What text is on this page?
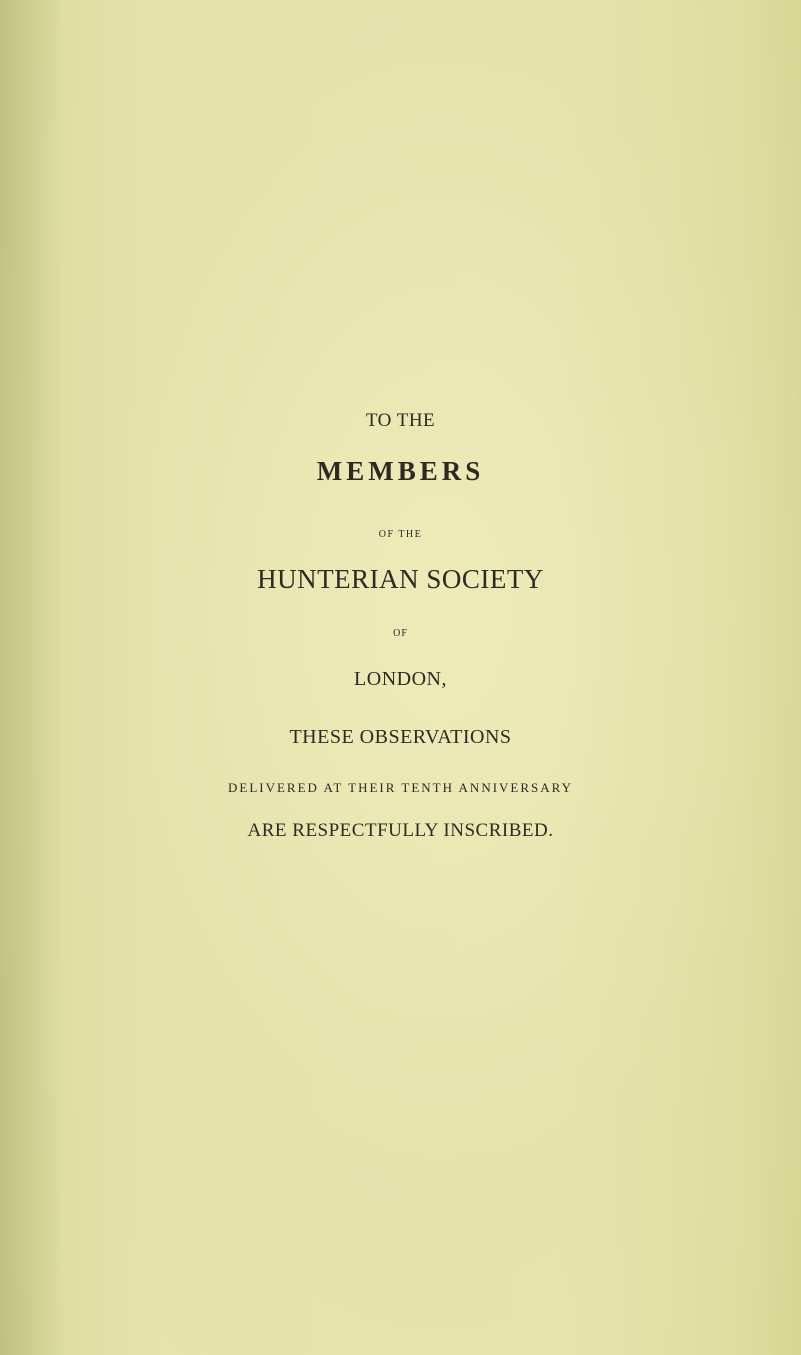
TO THE

MEMBERS

OF THE

HUNTERIAN SOCIETY

OF

LONDON,

THESE OBSERVATIONS

DELIVERED AT THEIR TENTH ANNIVERSARY

ARE RESPECTFULLY INSCRIBED.
